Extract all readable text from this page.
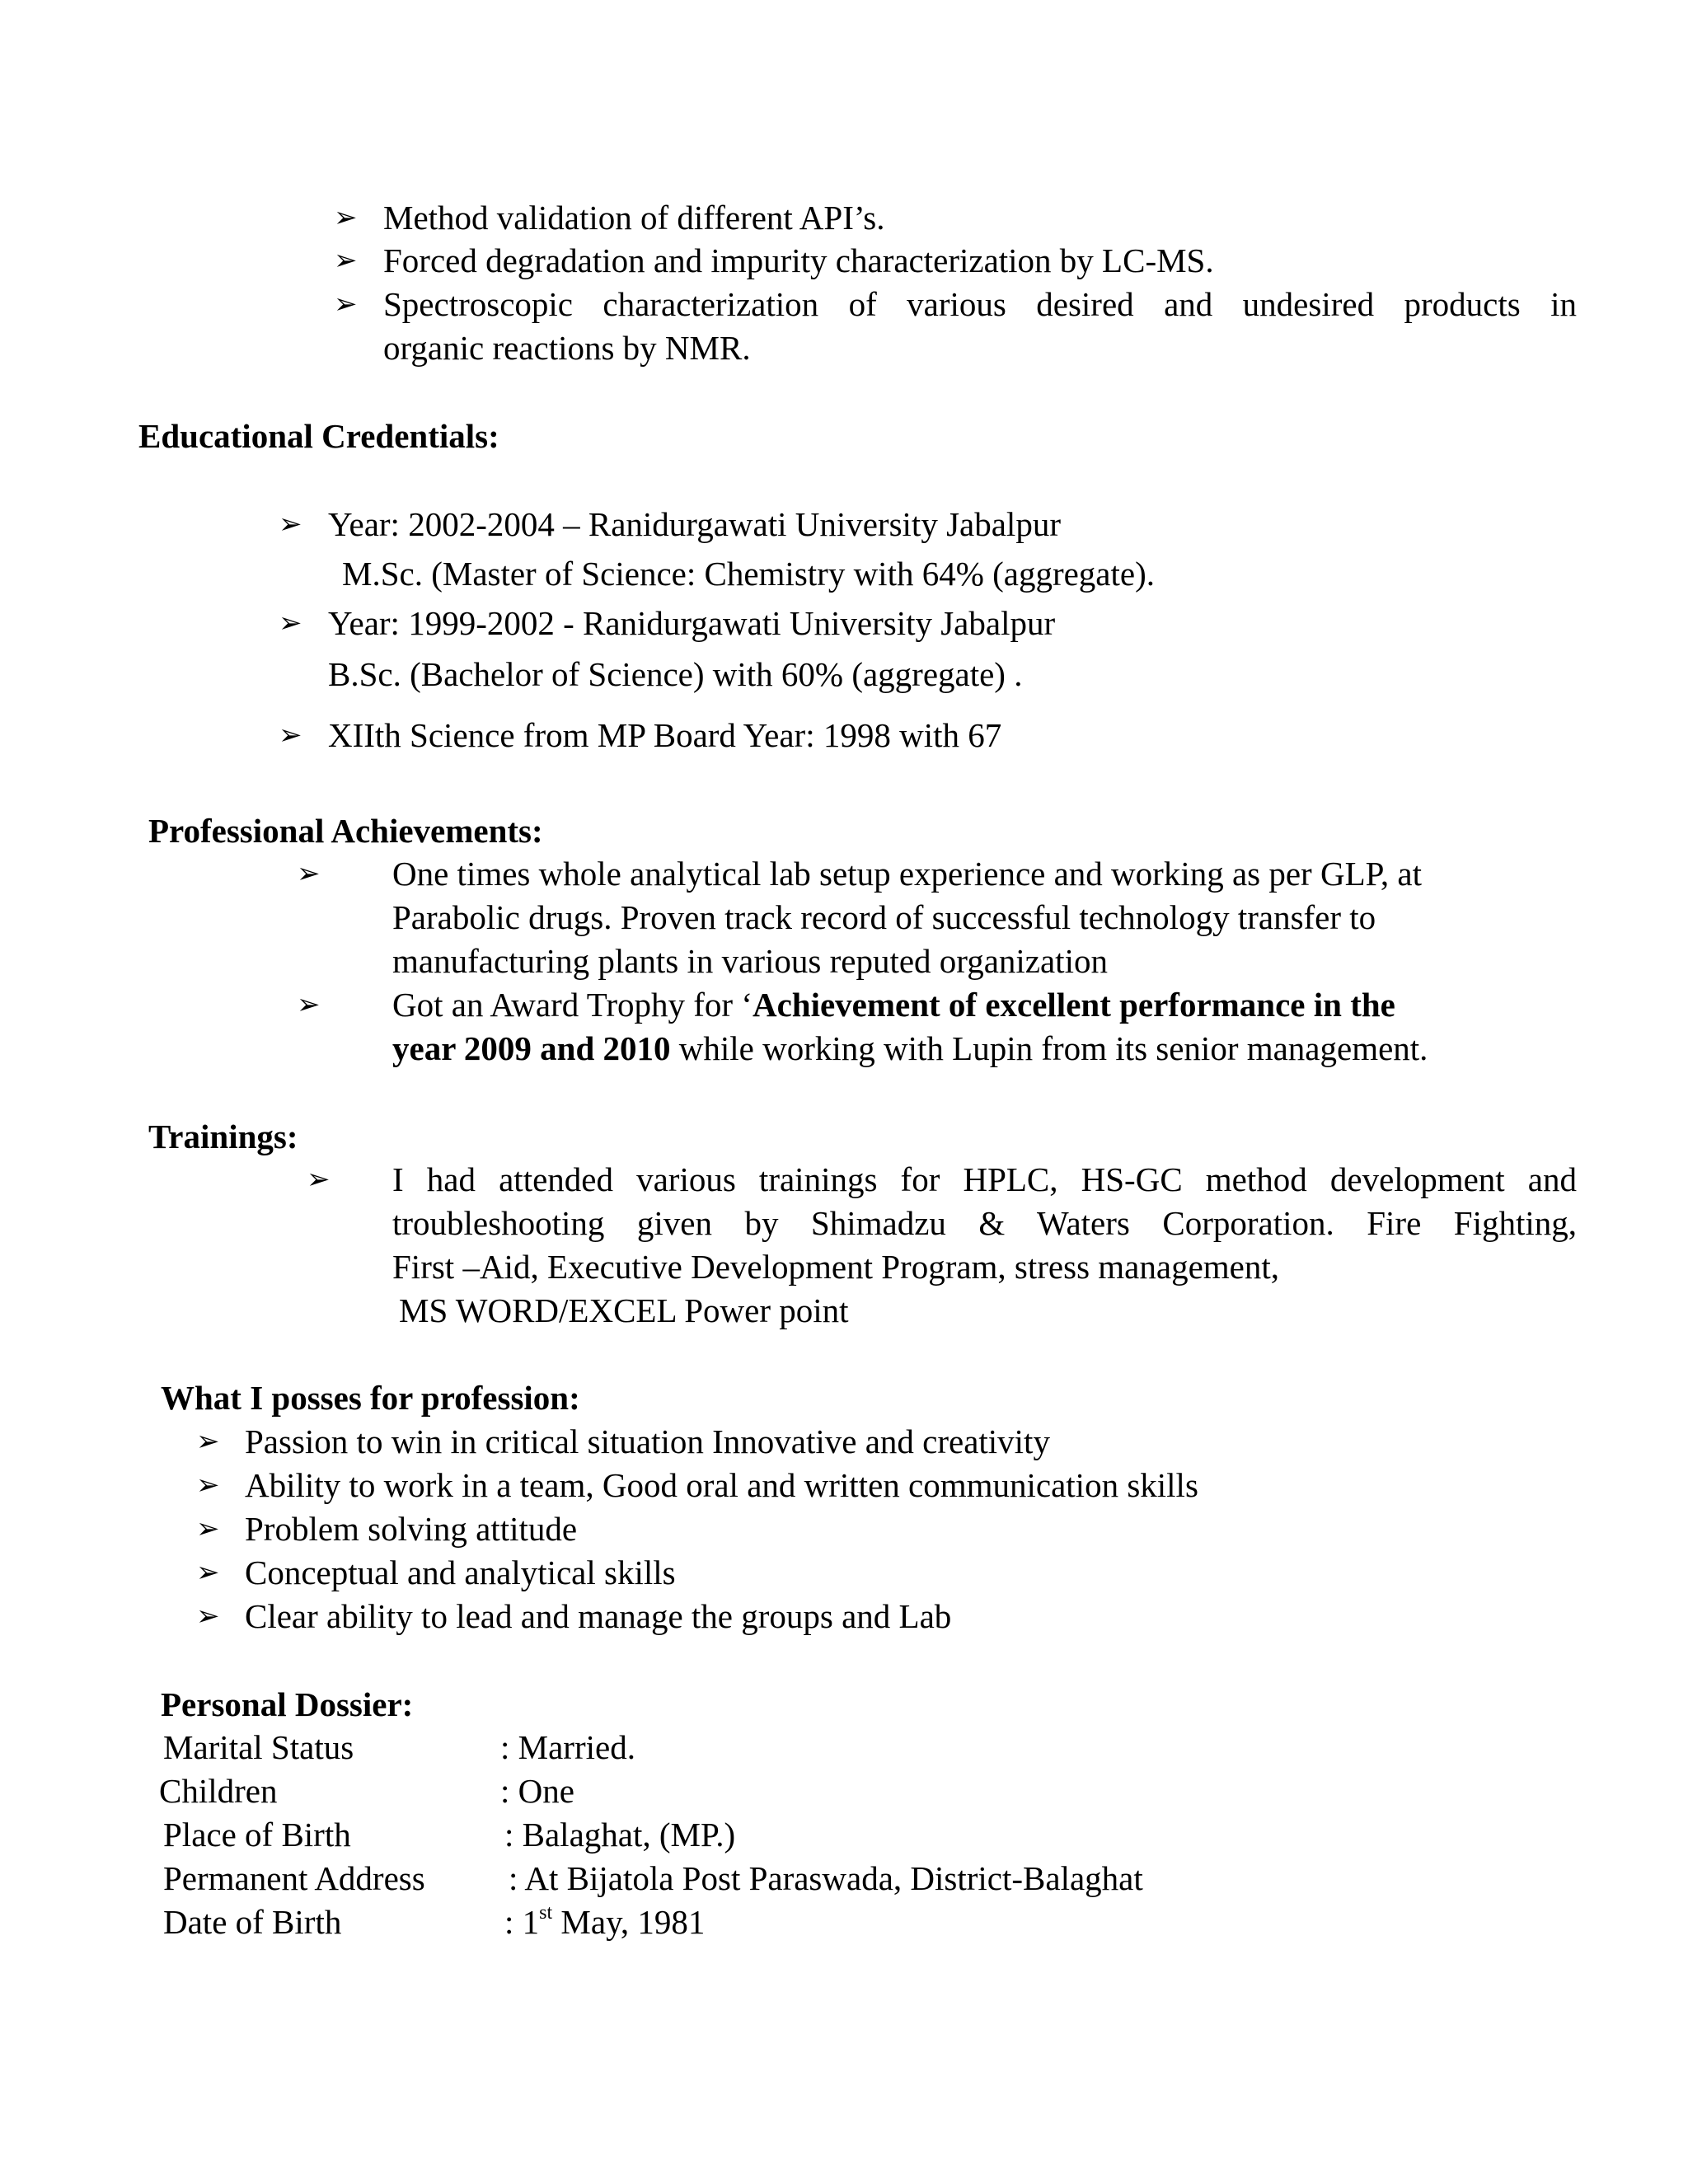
➢ Method validation of different API’s.
➢ Forced degradation and impurity characterization by LC-MS.
➢ Spectroscopic characterization of various desired and undesired products in
organic reactions by NMR.
Educational Credentials:
➢ Year: 2002-2004 – Ranidurgawati University Jabalpur
M.Sc. (Master of Science: Chemistry with 64% (aggregate).
➢ Year: 1999-2002 - Ranidurgawati University Jabalpur
B.Sc. (Bachelor of Science) with 60% (aggregate) .
➢ XIIth Science from MP Board Year: 1998 with 67
Professional Achievements:
➢ One times whole analytical lab setup experience and working as per GLP, at
Parabolic drugs. Proven track record of successful technology transfer to
manufacturing plants in various reputed organization
➢ Got an Award Trophy for ‘Achievement of excellent performance in the
year 2009 and 2010 while working with Lupin from its senior management.
Trainings:
➢ I had attended various trainings for HPLC, HS-GC method development and
troubleshooting given by Shimadzu & Waters Corporation. Fire Fighting,
First –Aid, Executive Development Program, stress management,
MS WORD/EXCEL Power point
What I posses for profession:
➢ Passion to win in critical situation Innovative and creativity
➢ Ability to work in a team, Good oral and written communication skills
➢ Problem solving attitude
➢ Conceptual and analytical skills
➢ Clear ability to lead and manage the groups and Lab
Personal Dossier:
Marital Status	: Married.
Children	: One
Place of Birth	: Balaghat, (MP.)
Permanent Address : At Bijatola Post Paraswada, District-Balaghat
Date of Birth	: 1st May, 1981
